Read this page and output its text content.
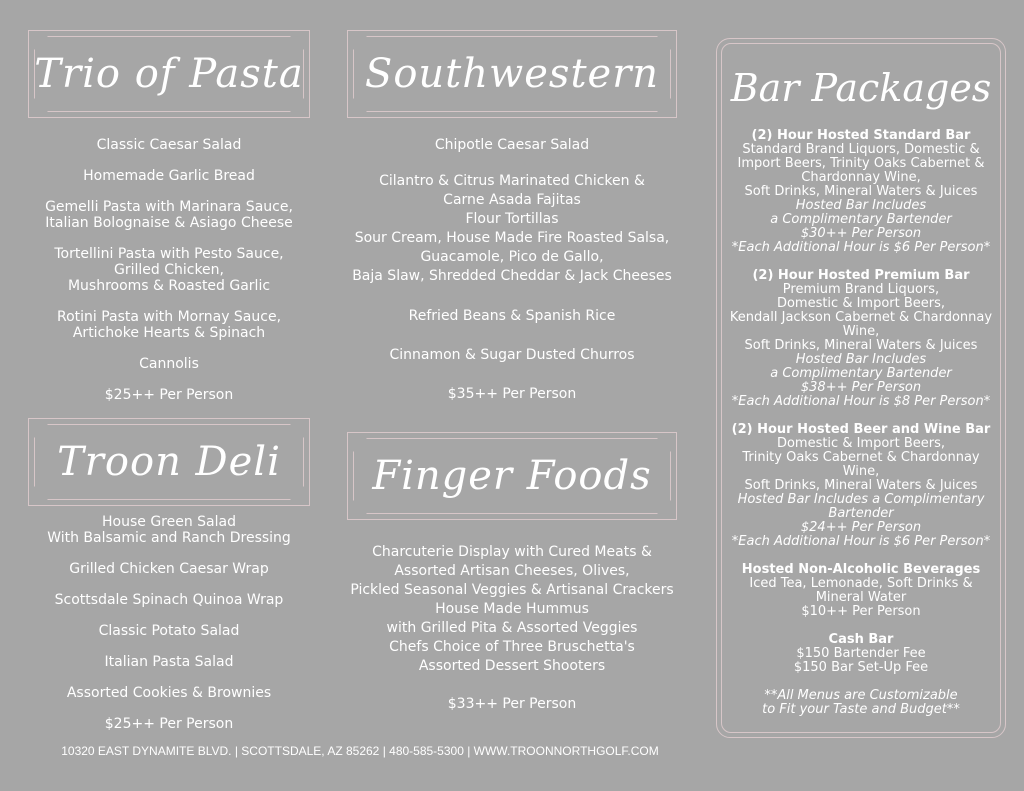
Trio of Pasta
Classic Caesar Salad
Homemade Garlic Bread
Gemelli Pasta with Marinara Sauce,
Italian Bolognaise & Asiago Cheese
Tortellini Pasta with Pesto Sauce,
Grilled Chicken,
Mushrooms & Roasted Garlic
Rotini Pasta with Mornay Sauce,
Artichoke Hearts & Spinach
Cannolis
$25++ Per Person
Southwestern
Chipotle Caesar Salad
Cilantro & Citrus Marinated Chicken &
Carne Asada Fajitas
Flour Tortillas
Sour Cream, House Made Fire Roasted Salsa,
Guacamole, Pico de Gallo,
Baja Slaw, Shredded Cheddar & Jack Cheeses
Refried Beans & Spanish Rice
Cinnamon & Sugar Dusted Churros
$35++ Per Person
Troon Deli
House Green Salad
With Balsamic and Ranch Dressing
Grilled Chicken Caesar Wrap
Scottsdale Spinach Quinoa Wrap
Classic Potato Salad
Italian Pasta Salad
Assorted Cookies & Brownies
$25++ Per Person
Finger Foods
Charcuterie Display with Cured Meats &
Assorted Artisan Cheeses, Olives,
Pickled Seasonal Veggies & Artisanal Crackers
House Made Hummus
with Grilled Pita & Assorted Veggies
Chefs Choice of Three Bruschetta's
Assorted Dessert Shooters
$33++ Per Person
Bar Packages
(2) Hour Hosted Standard Bar
Standard Brand Liquors, Domestic &
Import Beers, Trinity Oaks Cabernet &
Chardonnay Wine,
Soft Drinks, Mineral Waters & Juices
Hosted Bar Includes
a Complimentary Bartender
$30++ Per Person
*Each Additional Hour is $6 Per Person*
(2) Hour Hosted Premium Bar
Premium Brand Liquors,
Domestic & Import Beers,
Kendall Jackson Cabernet & Chardonnay
Wine,
Soft Drinks, Mineral Waters & Juices
Hosted Bar Includes
a Complimentary Bartender
$38++ Per Person
*Each Additional Hour is $8 Per Person*
(2) Hour Hosted Beer and Wine Bar
Domestic & Import Beers,
Trinity Oaks Cabernet & Chardonnay
Wine,
Soft Drinks, Mineral Waters & Juices
Hosted Bar Includes a Complimentary
Bartender
$24++ Per Person
*Each Additional Hour is $6 Per Person*
Hosted Non-Alcoholic Beverages
Iced Tea, Lemonade, Soft Drinks &
Mineral Water
$10++ Per Person
Cash Bar
$150 Bartender Fee
$150 Bar Set-Up Fee
**All Menus are Customizable
to Fit your Taste and Budget**
10320 EAST DYNAMITE BLVD. | SCOTTSDALE, AZ 85262 | 480-585-5300 | WWW.TROONNORTHGOLF.COM
